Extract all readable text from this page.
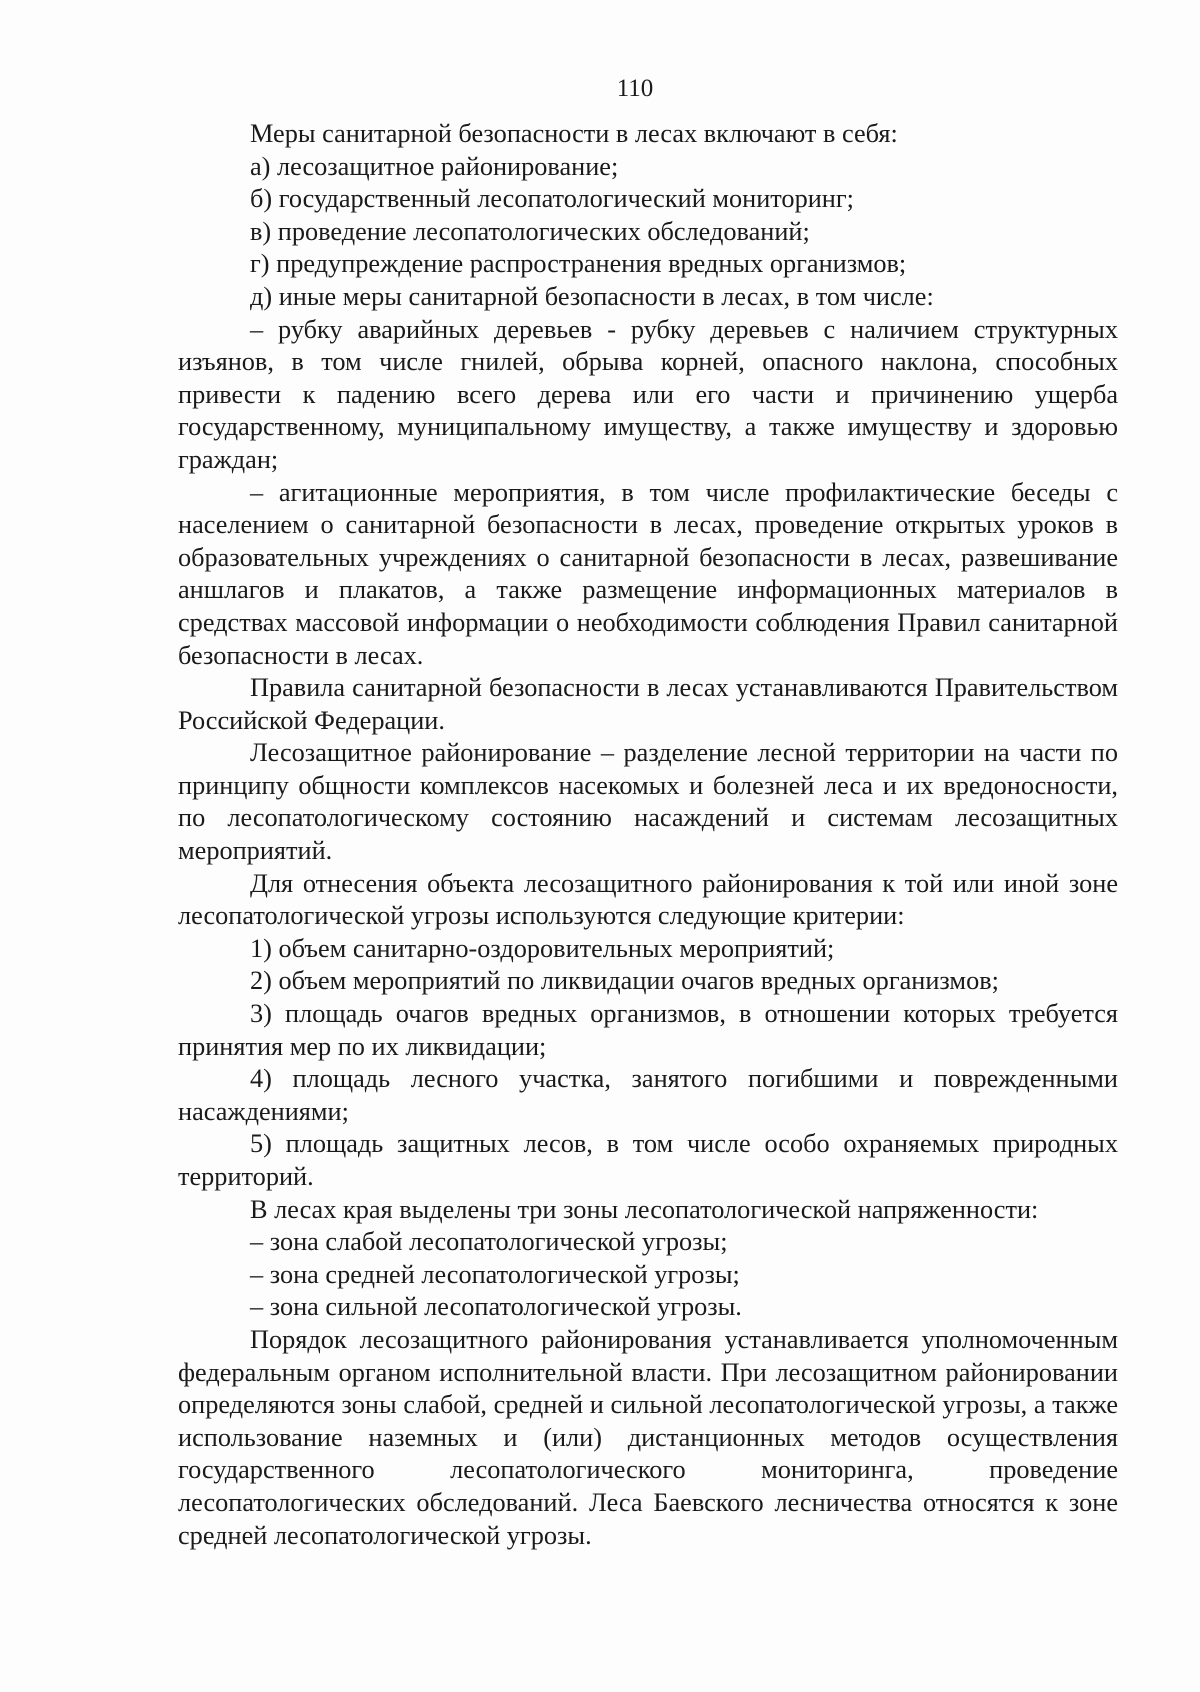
110

Меры санитарной безопасности в лесах включают в себя:

а) лесозащитное районирование;

б) государственный лесопатологический мониторинг;

в) проведение лесопатологических обследований;

г) предупреждение распространения вредных организмов;

д) иные меры санитарной безопасности в лесах, в том числе:

– рубку аварийных деревьев - рубку деревьев с наличием структурных изъянов, в том числе гнилей, обрыва корней, опасного наклона, способных привести к падению всего дерева или его части и причинению ущерба государственному, муниципальному имуществу, а также имуществу и здоровью граждан;

– агитационные мероприятия, в том числе профилактические беседы с населением о санитарной безопасности в лесах, проведение открытых уроков в образовательных учреждениях о санитарной безопасности в лесах, развешивание аншлагов и плакатов, а также размещение информационных материалов в средствах массовой информации о необходимости соблюдения Правил санитарной безопасности в лесах.

Правила санитарной безопасности в лесах устанавливаются Правительством Российской Федерации.

Лесозащитное районирование – разделение лесной территории на части по принципу общности комплексов насекомых и болезней леса и их вредоносности, по лесопатологическому состоянию насаждений и системам лесозащитных мероприятий.

Для отнесения объекта лесозащитного районирования к той или иной зоне лесопатологической угрозы используются следующие критерии:

1) объем санитарно-оздоровительных мероприятий;

2) объем мероприятий по ликвидации очагов вредных организмов;

3) площадь очагов вредных организмов, в отношении которых требуется принятия мер по их ликвидации;

4) площадь лесного участка, занятого погибшими и поврежденными насаждениями;

5) площадь защитных лесов, в том числе особо охраняемых природных территорий.

В лесах края выделены три зоны лесопатологической напряженности:

– зона слабой лесопатологической угрозы;

– зона средней лесопатологической угрозы;

– зона сильной лесопатологической угрозы.

Порядок лесозащитного районирования устанавливается уполномоченным федеральным органом исполнительной власти. При лесозащитном районировании определяются зоны слабой, средней и сильной лесопатологической угрозы, а также использование наземных и (или) дистанционных методов осуществления государственного лесопатологического мониторинга, проведение лесопатологических обследований. Леса Баевского лесничества относятся к зоне средней лесопатологической угрозы.
